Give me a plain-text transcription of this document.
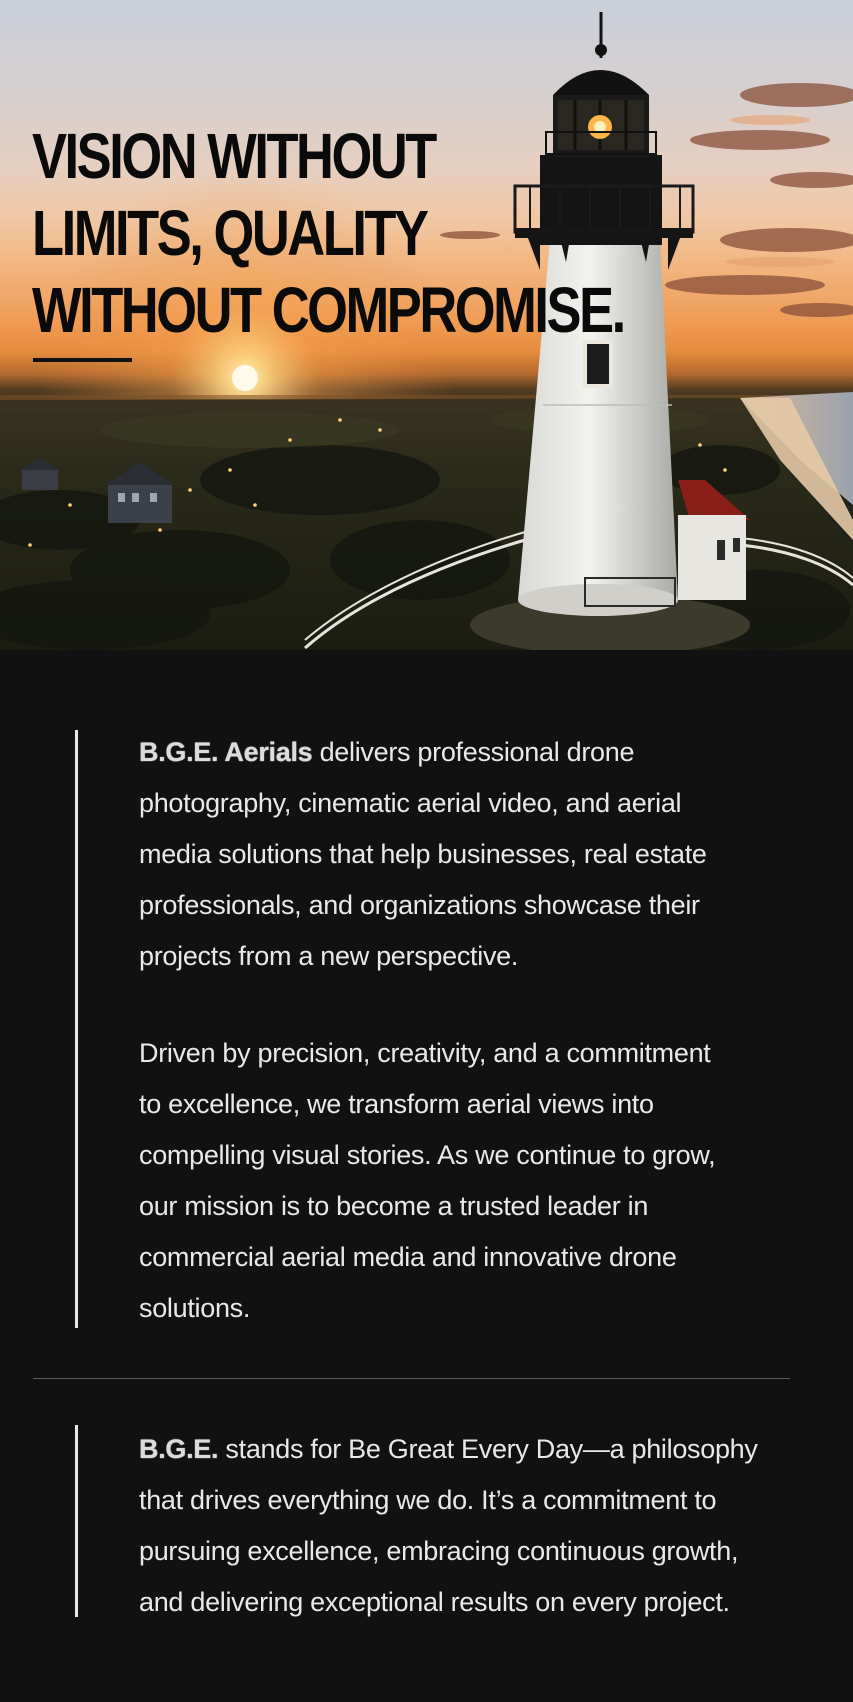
VISION WITHOUT
LIMITS, QUALITY
WITHOUT COMPROMISE.

B.G.E. Aerials delivers professional drone
photography, cinematic aerial video, and aerial
media solutions that help businesses, real estate
professionals, and organizations showcase their
projects from a new perspective.

Driven by precision, creativity, and a commitment
to excellence, we transform aerial views into
compelling visual stories. As we continue to grow,
our mission is to become a trusted leader in
commercial aerial media and innovative drone
solutions.

B.G.E. stands for Be Great Every Day—a philosophy
that drives everything we do. It’s a commitment to
pursuing excellence, embracing continuous growth,
and delivering exceptional results on every project.
